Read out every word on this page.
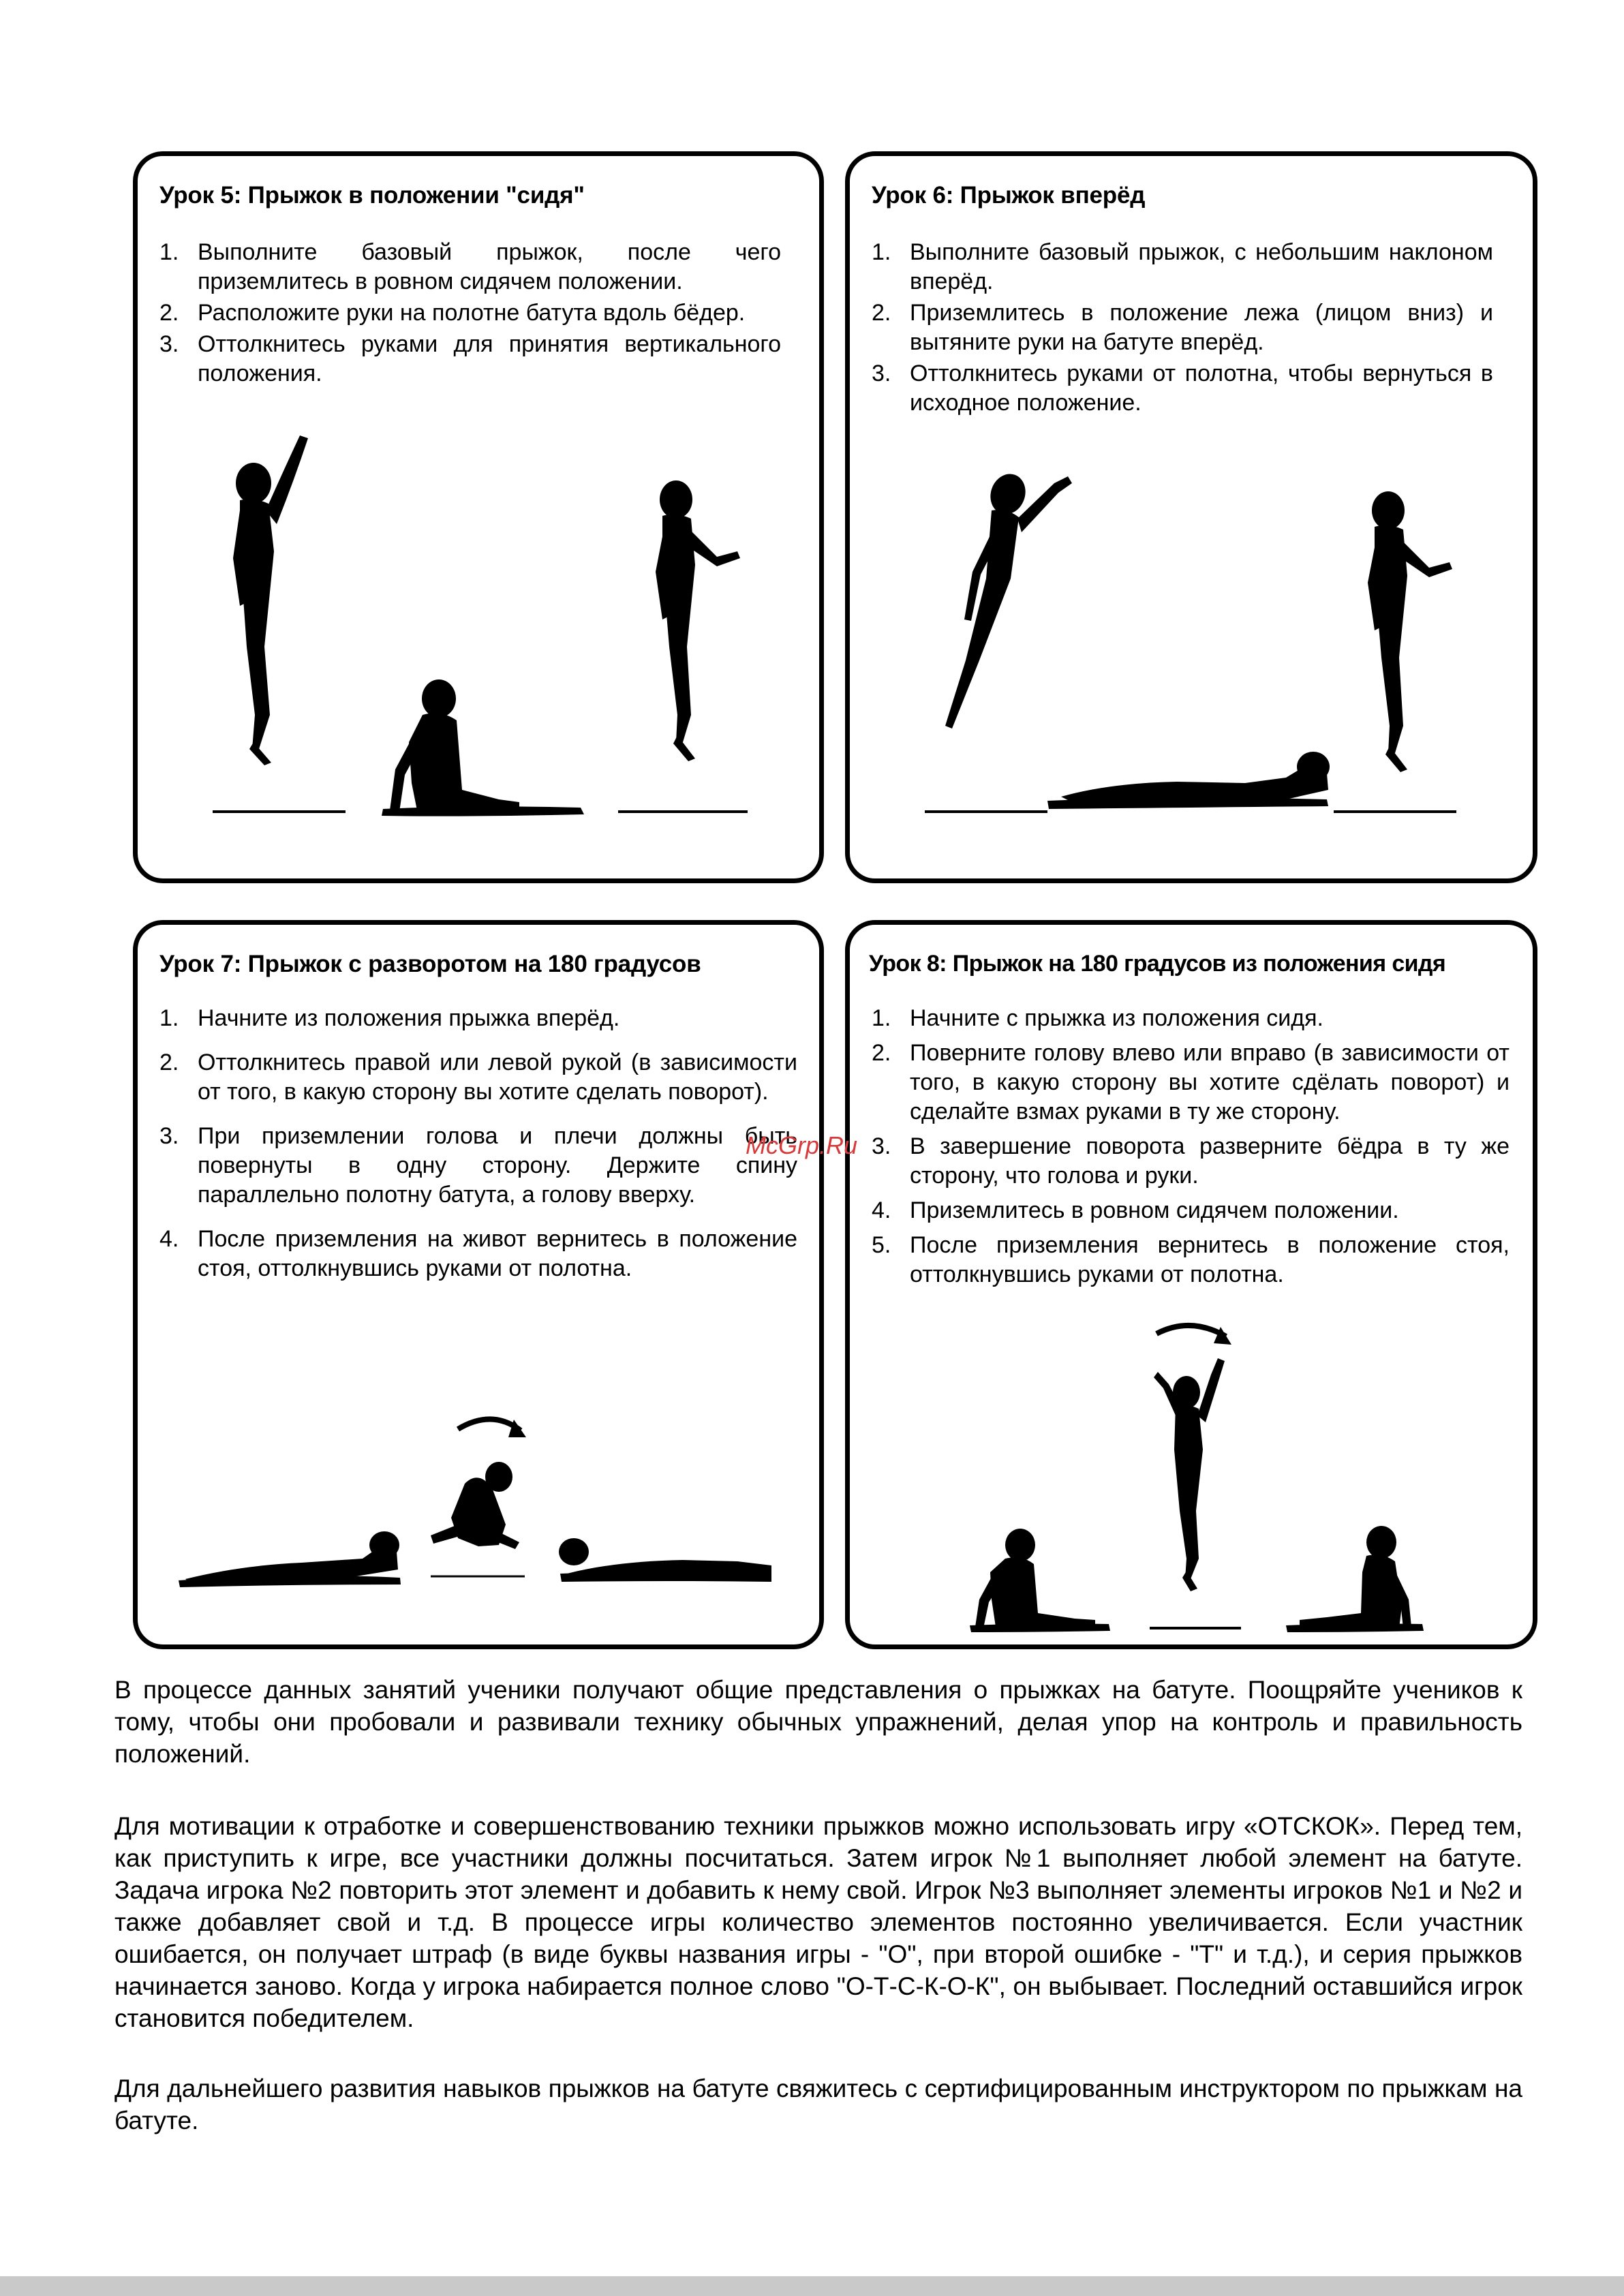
Урок 5: Прыжок в положении "сидя"
1. Выполните базовый прыжок, после чего приземлитесь в ровном сидячем положении.
2. Расположите руки на полотне батута вдоль бёдер.
3. Оттолкнитесь руками для принятия вертикального положения.
Урок 6: Прыжок вперёд
1. Выполните базовый прыжок, с небольшим наклоном вперёд.
2. Приземлитесь в положение лежа (лицом вниз) и вытяните руки на батуте вперёд.
3. Оттолкнитесь руками от полотна, чтобы вернуться в исходное положение.
Урок 7: Прыжок с разворотом на 180 градусов
1. Начните из положения прыжка вперёд.
2. Оттолкнитесь правой или левой рукой (в зависимости от того, в какую сторону вы хотите сделать поворот).
3. При приземлении голова и плечи должны быть повернуты в одну сторону. Держите спину параллельно полотну батута, а голову вверху.
4. После приземления на живот вернитесь в положение стоя, оттолкнувшись руками от полотна.
Урок 8: Прыжок на 180 градусов из положения сидя
1. Начните с прыжка из положения сидя.
2. Поверните голову влево или вправо (в зависимости от того, в какую сторону вы хотите сдёлать поворот) и сделайте взмах руками в ту же сторону.
3. В завершение поворота разверните бёдра в ту же сторону, что голова и руки.
4. Приземлитесь в ровном сидячем положении.
5. После приземления вернитесь в положение стоя, оттолкнувшись руками от полотна.
McGrp.Ru

В процессе данных занятий ученики получают общие представления о прыжках на батуте. Поощряйте учеников к тому, чтобы они пробовали и развивали технику обычных упражнений, делая упор на контроль и правильность положений.

Для мотивации к отработке и совершенствованию техники прыжков можно использовать игру «ОТСКОК». Перед тем, как приступить к игре, все участники должны посчитаться. Затем игрок №1 выполняет любой элемент на батуте. Задача игрока №2 повторить этот элемент и добавить к нему свой. Игрок №3 выполняет элементы игроков №1 и №2 и также добавляет свой и т.д. В процессе игры количество элементов постоянно увеличивается. Если участник ошибается, он получает штраф (в виде буквы названия игры - "О", при второй ошибке - "Т" и т.д.), и серия прыжков начинается заново. Когда у игрока набирается полное слово "О-Т-С-К-О-К", он выбывает. Последний оставшийся игрок становится победителем.

Для дальнейшего развития навыков прыжков на батуте свяжитесь с сертифицированным инструктором по прыжкам на батуте.
